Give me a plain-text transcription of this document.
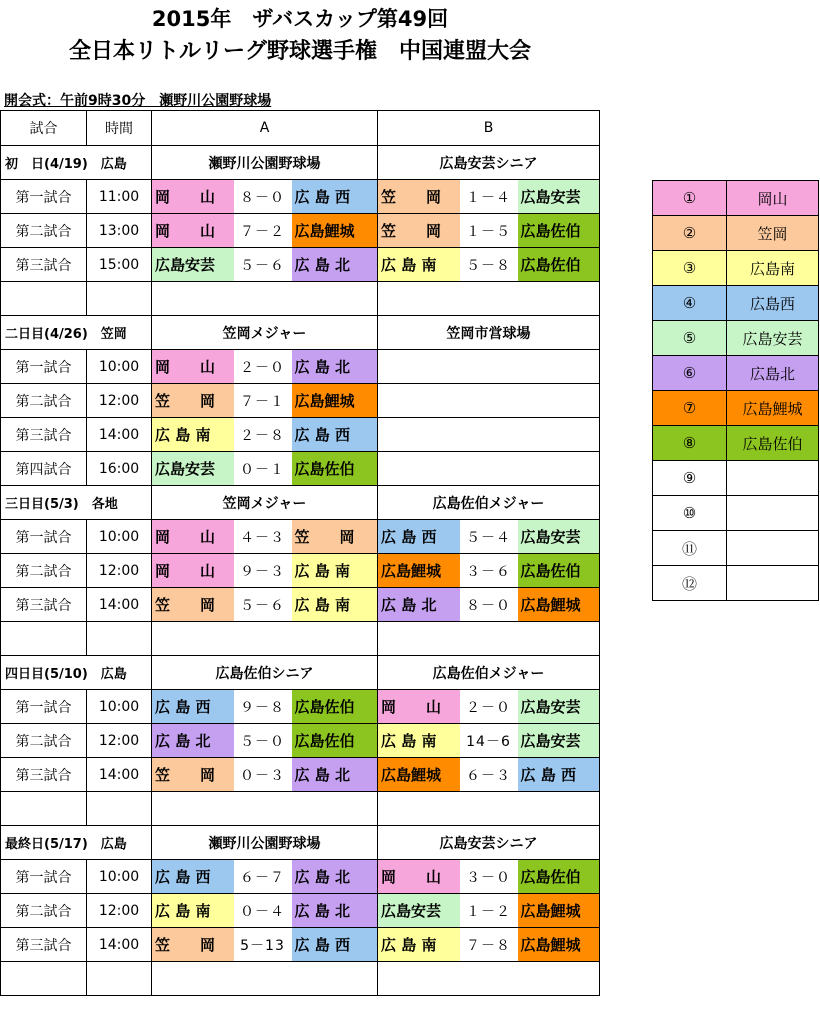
2015年　ザバスカップ第49回
全日本リトルリーグ野球選手権　中国連盟大会
開会式：午前9時30分　瀬野川公園野球場
試合	時間	A			B		
初　日(4/19)　広島		瀬野川公園野球場			広島安芸シニア		
第一試合	11:00	岡　　山	８－０	広 島 西	笠　　岡	１－４	広島安芸

第二試合	13:00	岡　　山	７－２	広島鯉城	笠　　岡	１－５	広島佐伯

第三試合	15:00	広島安芸	５－６	広 島 北	広 島 南	５－８	広島佐伯

二日目(4/26)　笠岡		笠岡メジャー			笠岡市営球場		
第一試合	10:00	岡　　山	２－０	広 島 北			

第二試合	12:00	笠　　岡	７－１	広島鯉城			

第三試合	14:00	広 島 南	２－８	広 島 西			

第四試合	16:00	広島安芸	０－１	広島佐伯			

三日目(5/3)　各地		笠岡メジャー			広島佐伯メジャー		
第一試合	10:00	岡　　山	４－３	笠　　岡	広 島 西	５－４	広島安芸

第二試合	12:00	岡　　山	９－３	広 島 南	広島鯉城	３－６	広島佐伯

第三試合	14:00	笠　　岡	５－６	広 島 南	広 島 北	８－０	広島鯉城

四日目(5/10)　広島		広島佐伯シニア			広島佐伯メジャー		
第一試合	10:00	広 島 西	９－８	広島佐伯	岡　　山	２－０	広島安芸

第二試合	12:00	広 島 北	５－０	広島佐伯	広 島 南	14－6	広島安芸

第三試合	14:00	笠　　岡	０－３	広 島 北	広島鯉城	６－３	広 島 西

最終日(5/17)　広島		瀬野川公園野球場			広島安芸シニア		
第一試合	10:00	広 島 西	６－７	広 島 北	岡　　山	３－０	広島佐伯

第二試合	12:00	広 島 南	０－４	広 島 北	広島安芸	１－２	広島鯉城

第三試合	14:00	笠　　岡	5－13	広 島 西	広 島 南	７－８	広島鯉城

①	岡山
②	笠岡
③	広島南
④	広島西
⑤	広島安芸
⑥	広島北
⑦	広島鯉城
⑧	広島佐伯
⑨	
⑩	
⑪	
⑫	
